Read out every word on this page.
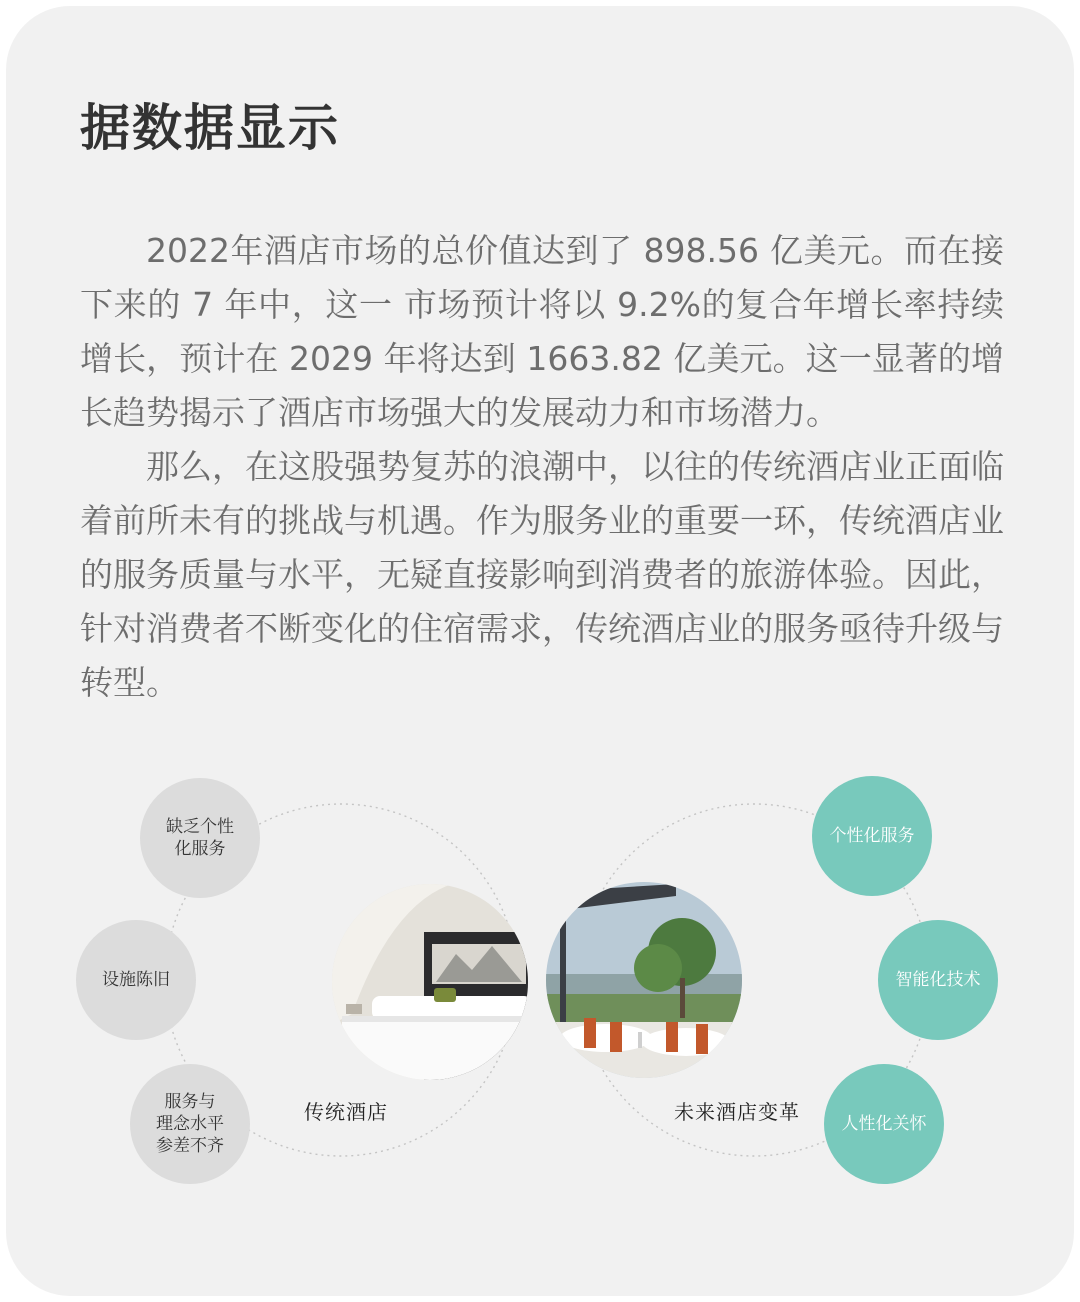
据数据显示

2022年酒店市场的总价值达到了 898.56 亿美元。而在接下来的 7 年中，这一 市场预计将以 9.2%的复合年增长率持续增长，预计在 2029 年将达到 1663.82 亿美元。这一显著的增长趋势揭示了酒店市场强大的发展动力和市场潜力。

那么，在这股强势复苏的浪潮中，以往的传统酒店业正面临着前所未有的挑战与机遇。作为服务业的重要一环，传统酒店业的服务质量与水平，无疑直接影响到消费者的旅游体验。因此，针对消费者不断变化的住宿需求，传统酒店业的服务亟待升级与转型。

传统酒店	未来酒店变革
缺乏个性
化服务
设施陈旧
服务与
理念水平
参差不齐
个性化服务
智能化技术
人性化关怀
